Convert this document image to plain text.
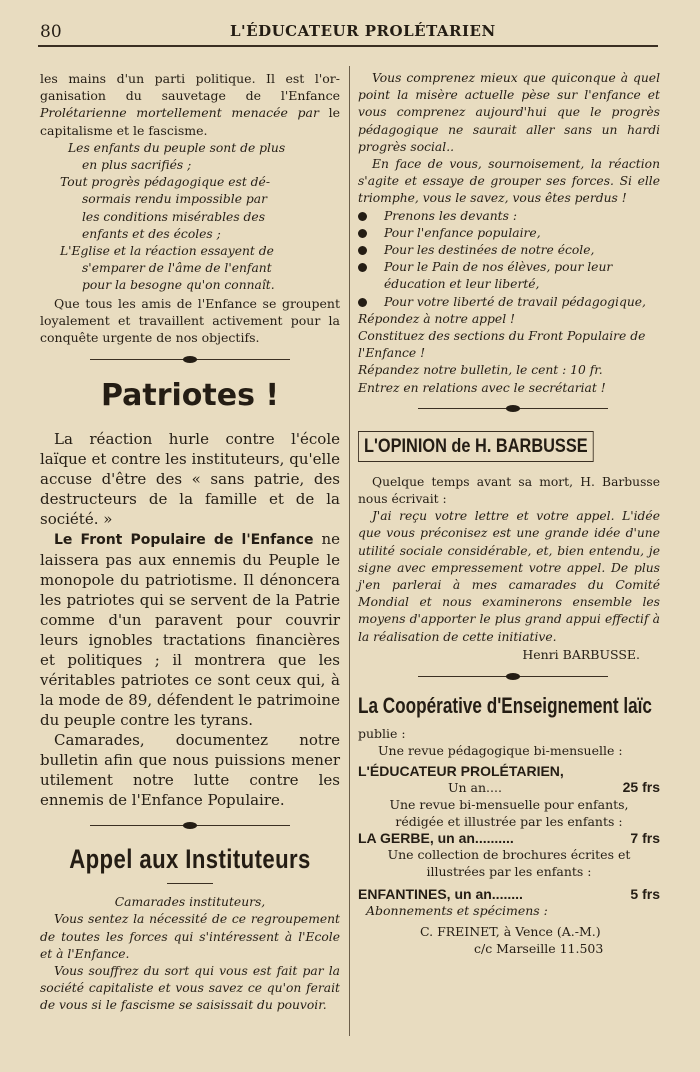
80	L'ÉDUCATEUR PROLÉTARIEN
les mains d'un parti politique. Il est l'or- ganisation du sauvetage de l'Enfance Prolétarienne mortellement menacée par le capitalisme et le fascisme.
Les enfants du peuple sont de plus
en plus sacrifiés ;
Tout progrès pédagogique est dé-
sormais rendu impossible par
les conditions misérables des
enfants et des écoles ;
L'Eglise et la réaction essayent de
s'emparer de l'âme de l'enfant
pour la besogne qu'on connaît.

Que tous les amis de l'Enfance se groupent loyalement et travaillent activement pour la conquête urgente de nos objectifs.

Patriotes !

La réaction hurle contre l'école laïque et contre les instituteurs, qu'elle accuse d'être des « sans patrie, des destructeurs de la famille et de la société. »

Le Front Populaire de l'Enfance ne laissera pas aux ennemis du Peuple le monopole du patriotisme. Il dénoncera les patriotes qui se servent de la Patrie comme d'un paravent pour couvrir leurs ignobles tractations financières et politiques ; il montrera que les véritables patriotes ce sont ceux qui, à la mode de 89, défendent le patrimoine du peuple contre les tyrans.

Camarades, documentez notre bulletin afin que nous puissions mener utilement notre lutte contre les ennemis de l'Enfance Populaire.

Appel aux Instituteurs

Camarades instituteurs,

Vous sentez la nécessité de ce regroupement de toutes les forces qui s'intéressent à l'Ecole et à l'Enfance.

Vous souffrez du sort qui vous est fait par la société capitaliste et vous savez ce qu'on ferait de vous si le fascisme se saisissait du pouvoir.

Vous comprenez mieux que quiconque à quel point la misère actuelle pèse sur l'enfance et vous comprenez aujourd'hui que le progrès pédagogique ne saurait aller sans un hardi progrès social..

En face de vous, sournoisement, la réaction s'agite et essaye de grouper ses forces. Si elle triomphe, vous le savez, vous êtes perdus !

Prenons les devants :
Pour l'enfance populaire,
Pour les destinées de notre école,
Pour le Pain de nos élèves, pour leur éducation et leur liberté,
Pour votre liberté de travail pédagogique,
Répondez à notre appel !
Constituez des sections du Front Populaire de l'Enfance !
Répandez notre bulletin, le cent : 10 fr.
Entrez en relations avec le secrétariat !
L'OPINION de H. BARBUSSE

Quelque temps avant sa mort, H. Barbusse nous écrivait :

J'ai reçu votre lettre et votre appel. L'idée que vous préconisez est une grande idée d'une utilité sociale considérable, et, bien entendu, je signe avec empressement votre appel. De plus j'en parlerai à mes camarades du Comité Mondial et nous examinerons ensemble les moyens d'apporter le plus grand appui effectif à la réalisation de cette initiative.

Henri BARBUSSE.

La Coopérative d'Enseignement laïc

publie :

Une revue pédagogique bi-mensuelle :

L'ÉDUCATEUR PROLÉTARIEN,

Un an....	25 frs

Une revue bi-mensuelle pour enfants,

rédigée et illustrée par les enfants :

LA GERBE, un an..........	7 frs

Une collection de brochures écrites et

illustrées par les enfants :

ENFANTINES, un an........	5 frs

Abonnements et spécimens :

C. FREINET, à Vence (A.-M.)

c/c Marseille 11.503
